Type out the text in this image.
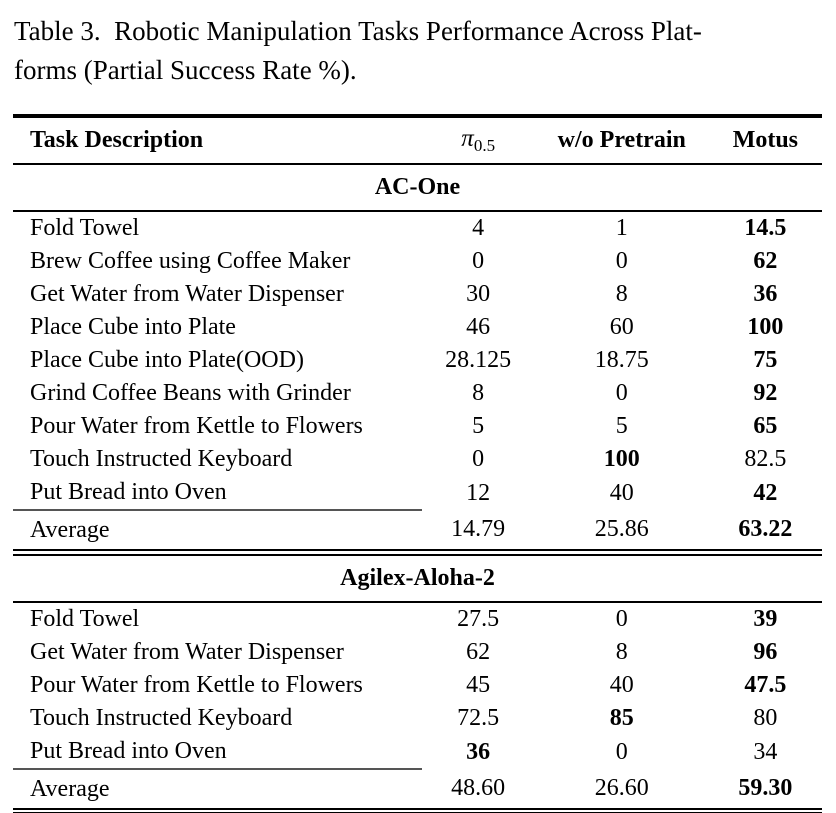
Table 3.  Robotic Manipulation Tasks Performance Across Plat-
forms (Partial Success Rate %).
Task Description	$\pi_{0.5}$	w/o Pretrain	Motus
AC-One			
Fold Towel	4	1	14.5
Brew Coffee using Coffee Maker	0	0	62
Get Water from Water Dispenser	30	8	36
Place Cube into Plate	46	60	100
Place Cube into Plate(OOD)	28.125	18.75	75
Grind Coffee Beans with Grinder	8	0	92
Pour Water from Kettle to Flowers	5	5	65
Touch Instructed Keyboard	0	100	82.5
Put Bread into Oven	12	40	42
Average	14.79	25.86	63.22
Agilex-Aloha-2			
Fold Towel	27.5	0	39
Get Water from Water Dispenser	62	8	96
Pour Water from Kettle to Flowers	45	40	47.5
Touch Instructed Keyboard	72.5	85	80
Put Bread into Oven	36	0	34
Average	48.60	26.60	59.30
